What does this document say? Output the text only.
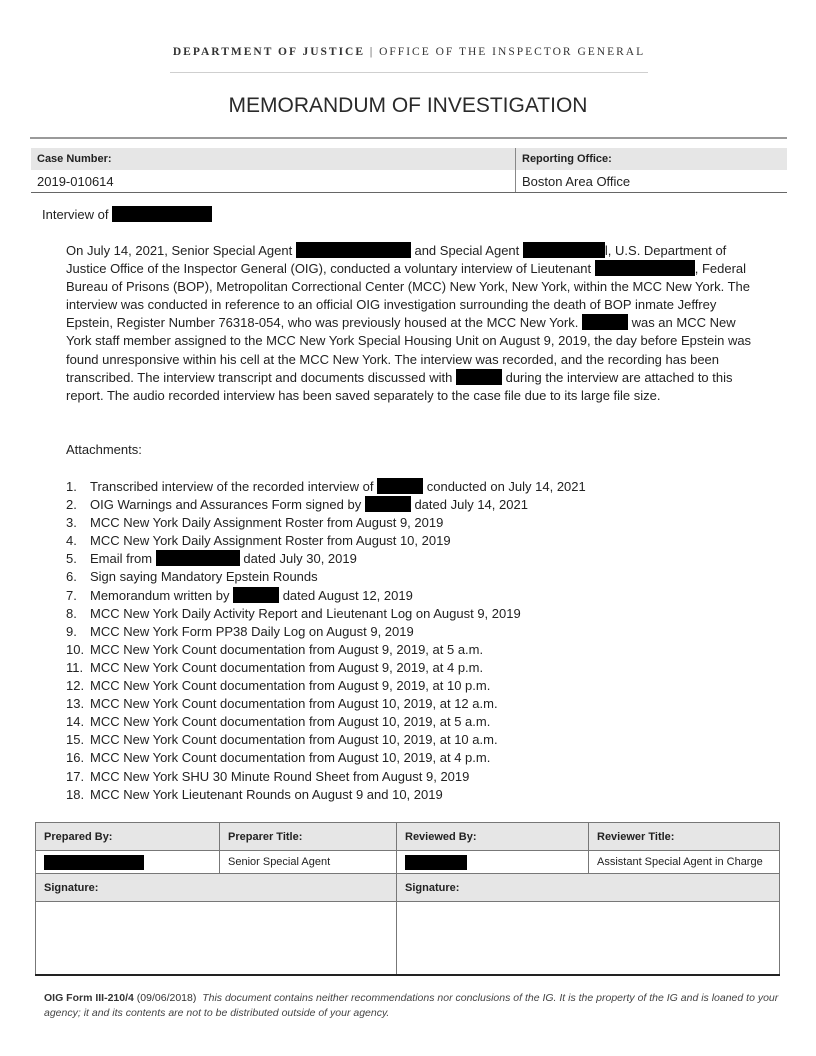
DEPARTMENT OF JUSTICE | OFFICE OF THE INSPECTOR GENERAL
MEMORANDUM OF INVESTIGATION
Case Number:	Reporting Office:
2019-010614	Boston Area Office
Interview of
On July 14, 2021, Senior Special Agent	and Special Agent	l, U.S. Department of Justice Office of the Inspector General (OIG), conducted a voluntary interview of Lieutenant	, Federal Bureau of Prisons (BOP), Metropolitan Correctional Center (MCC) New York, New York, within the MCC New York. The interview was conducted in reference to an official OIG investigation surrounding the death of BOP inmate Jeffrey Epstein, Register Number 76318-054, who was previously housed at the MCC New York.	was an MCC New York staff member assigned to the MCC New York Special Housing Unit on August 9, 2019, the day before Epstein was found unresponsive within his cell at the MCC New York. The interview was recorded, and the recording has been transcribed. The interview transcript and documents discussed with	during the interview are attached to this report. The audio recorded interview has been saved separately to the case file due to its large file size.
Attachments:
1. Transcribed interview of the recorded interview of	conducted on July 14, 2021
2. OIG Warnings and Assurances Form signed by	dated July 14, 2021
3. MCC New York Daily Assignment Roster from August 9, 2019
4. MCC New York Daily Assignment Roster from August 10, 2019
5. Email from	dated July 30, 2019
6. Sign saying Mandatory Epstein Rounds
7. Memorandum written by	dated August 12, 2019
8. MCC New York Daily Activity Report and Lieutenant Log on August 9, 2019
9. MCC New York Form PP38 Daily Log on August 9, 2019
10. MCC New York Count documentation from August 9, 2019, at 5 a.m.
11. MCC New York Count documentation from August 9, 2019, at 4 p.m.
12. MCC New York Count documentation from August 9, 2019, at 10 p.m.
13. MCC New York Count documentation from August 10, 2019, at 12 a.m.
14. MCC New York Count documentation from August 10, 2019, at 5 a.m.
15. MCC New York Count documentation from August 10, 2019, at 10 a.m.
16. MCC New York Count documentation from August 10, 2019, at 4 p.m.
17. MCC New York SHU 30 Minute Round Sheet from August 9, 2019
18. MCC New York Lieutenant Rounds on August 9 and 10, 2019
Prepared By:	Preparer Title:	Reviewed By:	Reviewer Title:
	Senior Special Agent		Assistant Special Agent in Charge
Signature:		Signature:	

OIG Form III-210/4 (09/06/2018) This document contains neither recommendations nor conclusions of the IG. It is the property of the IG and is loaned to your agency; it and its contents are not to be distributed outside of your agency.
